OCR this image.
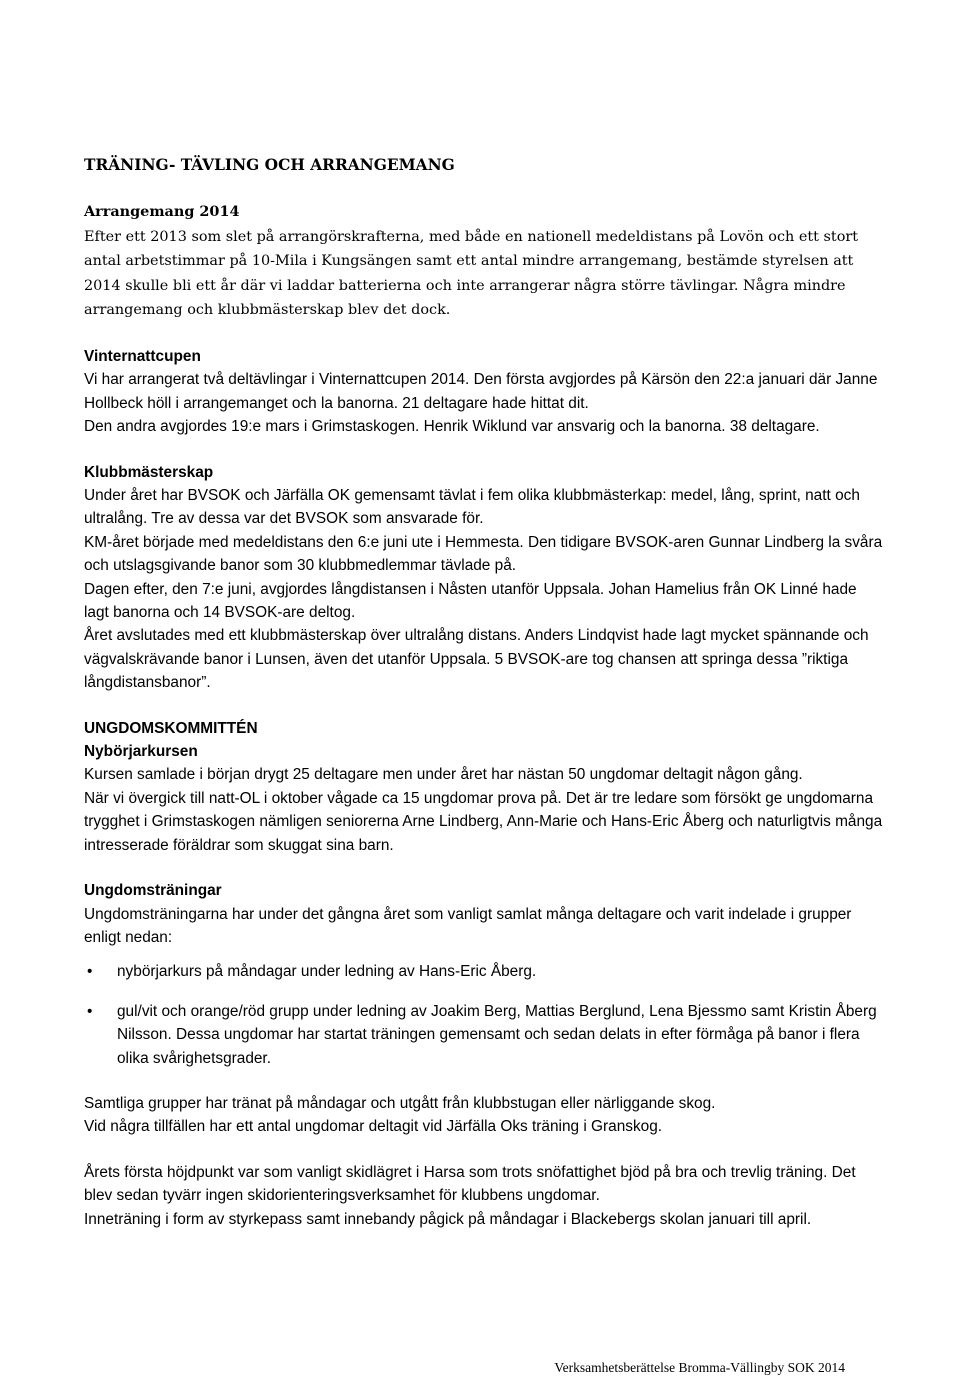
TRÄNING- TÄVLING OCH ARRANGEMANG
Arrangemang 2014

Efter ett 2013 som slet på arrangörskrafterna, med både en nationell medeldistans på Lovön och ett stort antal arbetstimmar på 10-Mila i Kungsängen samt ett antal mindre arrangemang, bestämde styrelsen att 2014 skulle bli ett år där vi laddar batterierna och inte arrangerar några större tävlingar. Några mindre arrangemang och klubbmästerskap blev det dock.

Vinternattcupen

Vi har arrangerat två deltävlingar i Vinternattcupen 2014. Den första avgjordes på Kärsön den 22:a januari där Janne Hollbeck höll i arrangemanget och la banorna. 21 deltagare hade hittat dit.

Den andra avgjordes 19:e mars i Grimstaskogen. Henrik Wiklund var ansvarig och la banorna. 38 deltagare.

Klubbmästerskap

Under året har BVSOK och Järfälla OK gemensamt tävlat i fem olika klubbmästerkap: medel, lång, sprint, natt och ultralång. Tre av dessa var det BVSOK som ansvarade för.

KM-året började med medeldistans den 6:e juni ute i Hemmesta. Den tidigare BVSOK-aren Gunnar Lindberg la svåra och utslagsgivande banor som 30 klubbmedlemmar tävlade på.

Dagen efter, den 7:e juni, avgjordes långdistansen i Nåsten utanför Uppsala. Johan Hamelius från OK Linné hade lagt banorna och 14 BVSOK-are deltog.

Året avslutades med ett klubbmästerskap över ultralång distans. Anders Lindqvist hade lagt mycket spännande och vägvalskrävande banor i Lunsen, även det utanför Uppsala. 5 BVSOK-are tog chansen att springa dessa ”riktiga långdistansbanor”.

UNGDOMSKOMMITTÉN
Nybörjarkursen

Kursen samlade i början drygt 25 deltagare men under året har nästan 50 ungdomar deltagit någon gång.

När vi övergick till natt-OL i oktober vågade ca 15 ungdomar prova på. Det är tre ledare som försökt ge ungdomarna trygghet i Grimstaskogen nämligen seniorerna Arne Lindberg, Ann-Marie och Hans-Eric Åberg och naturligtvis många intresserade föräldrar som skuggat sina barn.

Ungdomsträningar

Ungdomsträningarna har under det gångna året som vanligt samlat många deltagare och varit indelade i grupper enligt nedan:

• nybörjarkurs på måndagar under ledning av Hans-Eric Åberg.
• gul/vit och orange/röd grupp under ledning av Joakim Berg, Mattias Berglund, Lena Bjessmo samt Kristin Åberg Nilsson. Dessa ungdomar har startat träningen gemensamt och sedan delats in efter förmåga på banor i flera olika svårighetsgrader.

Samtliga grupper har tränat på måndagar och utgått från klubbstugan eller närliggande skog.

Vid några tillfällen har ett antal ungdomar deltagit vid Järfälla Oks träning i Granskog.

Årets första höjdpunkt var som vanligt skidlägret i Harsa som trots snöfattighet bjöd på bra och trevlig träning. Det blev sedan tyvärr ingen skidorienteringsverksamhet för klubbens ungdomar.

Inneträning i form av styrkepass samt innebandy pågick på måndagar i Blackebergs skolan januari till april.

Verksamhetsberättelse Bromma-Vällingby SOK 2014
